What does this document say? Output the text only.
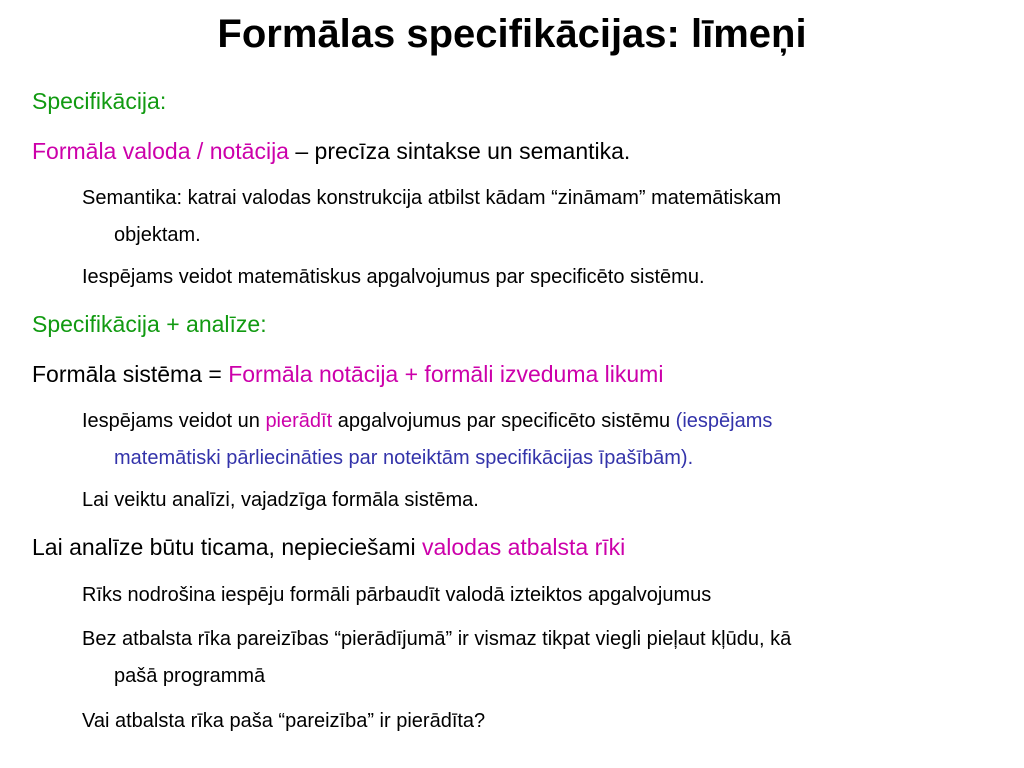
Formālas specifikācijas: līmeņi
Specifikācija:
Formāla valoda / notācija – precīza sintakse un semantika.
Semantika: katrai valodas konstrukcija atbilst kādam “zināmam” matemātiskam
objektam.
Iespējams veidot matemātiskus apgalvojumus par specificēto sistēmu.
Specifikācija + analīze:
Formāla sistēma = Formāla notācija + formāli izveduma likumi
Iespējams veidot un pierādīt apgalvojumus par specificēto sistēmu (iespējams
matemātiski pārliecināties par noteiktām specifikācijas īpašībām).
Lai veiktu analīzi, vajadzīga formāla sistēma.
Lai analīze būtu ticama, nepieciešami valodas atbalsta rīki
Rīks nodrošina iespēju formāli pārbaudīt valodā izteiktos apgalvojumus
Bez atbalsta rīka pareizības “pierādījumā” ir vismaz tikpat viegli pieļaut kļūdu, kā
pašā programmā
Vai atbalsta rīka paša “pareizība” ir pierādīta?
